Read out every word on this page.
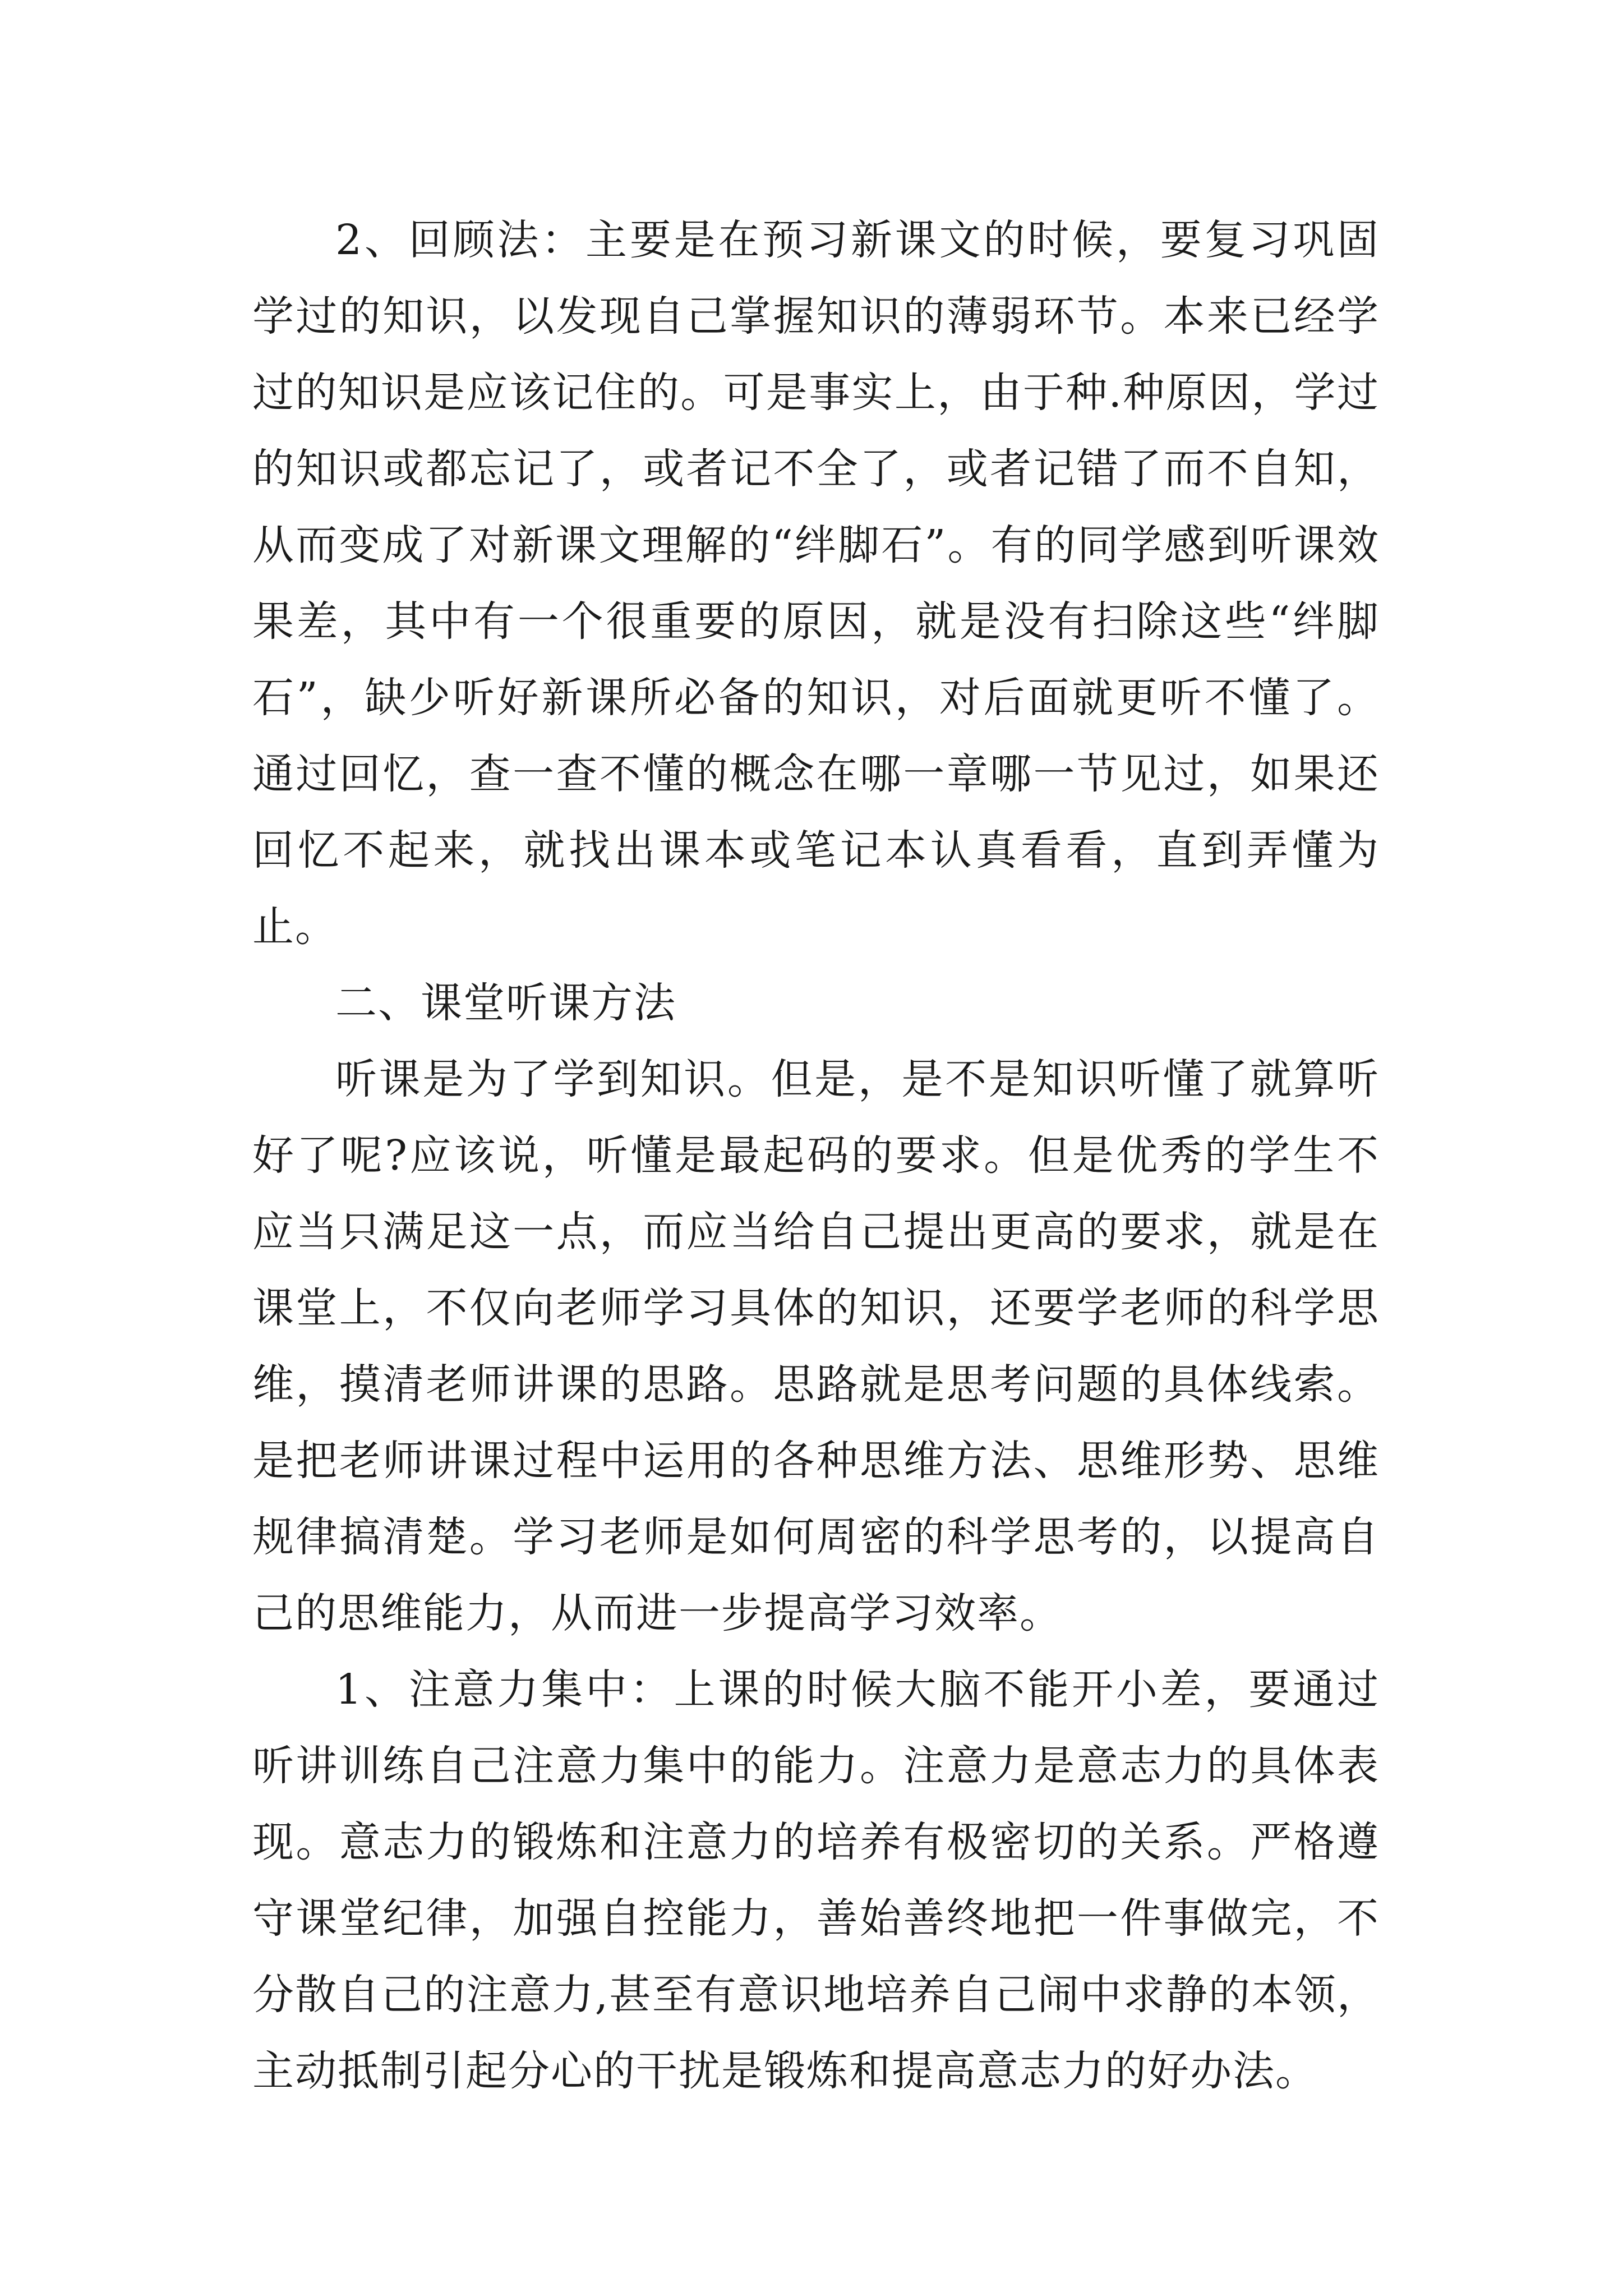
2、回顾法：主要是在预习新课文的时候，要复习巩固学过的知识，以发现自己掌握知识的薄弱环节。本来已经学过的知识是应该记住的。可是事实上，由于种.种原因，学过的知识或都忘记了，或者记不全了，或者记错了而不自知，从而变成了对新课文理解的“绊脚石”。有的同学感到听课效果差，其中有一个很重要的原因，就是没有扫除这些“绊脚石”，缺少听好新课所必备的知识，对后面就更听不懂了。通过回忆，查一查不懂的概念在哪一章哪一节见过，如果还回忆不起来，就找出课本或笔记本认真看看，直到弄懂为止。

二、课堂听课方法

听课是为了学到知识。但是，是不是知识听懂了就算听好了呢?应该说，听懂是最起码的要求。但是优秀的学生不应当只满足这一点，而应当给自己提出更高的要求，就是在课堂上，不仅向老师学习具体的知识，还要学老师的科学思维，摸清老师讲课的思路。思路就是思考问题的具体线索。是把老师讲课过程中运用的各种思维方法、思维形势、思维规律搞清楚。学习老师是如何周密的科学思考的，以提高自己的思维能力，从而进一步提高学习效率。

1、注意力集中：上课的时候大脑不能开小差，要通过听讲训练自己注意力集中的能力。注意力是意志力的具体表现。意志力的锻炼和注意力的培养有极密切的关系。严格遵守课堂纪律，加强自控能力，善始善终地把一件事做完，不分散自己的注意力,甚至有意识地培养自己闹中求静的本领，主动抵制引起分心的干扰是锻炼和提高意志力的好办法。
